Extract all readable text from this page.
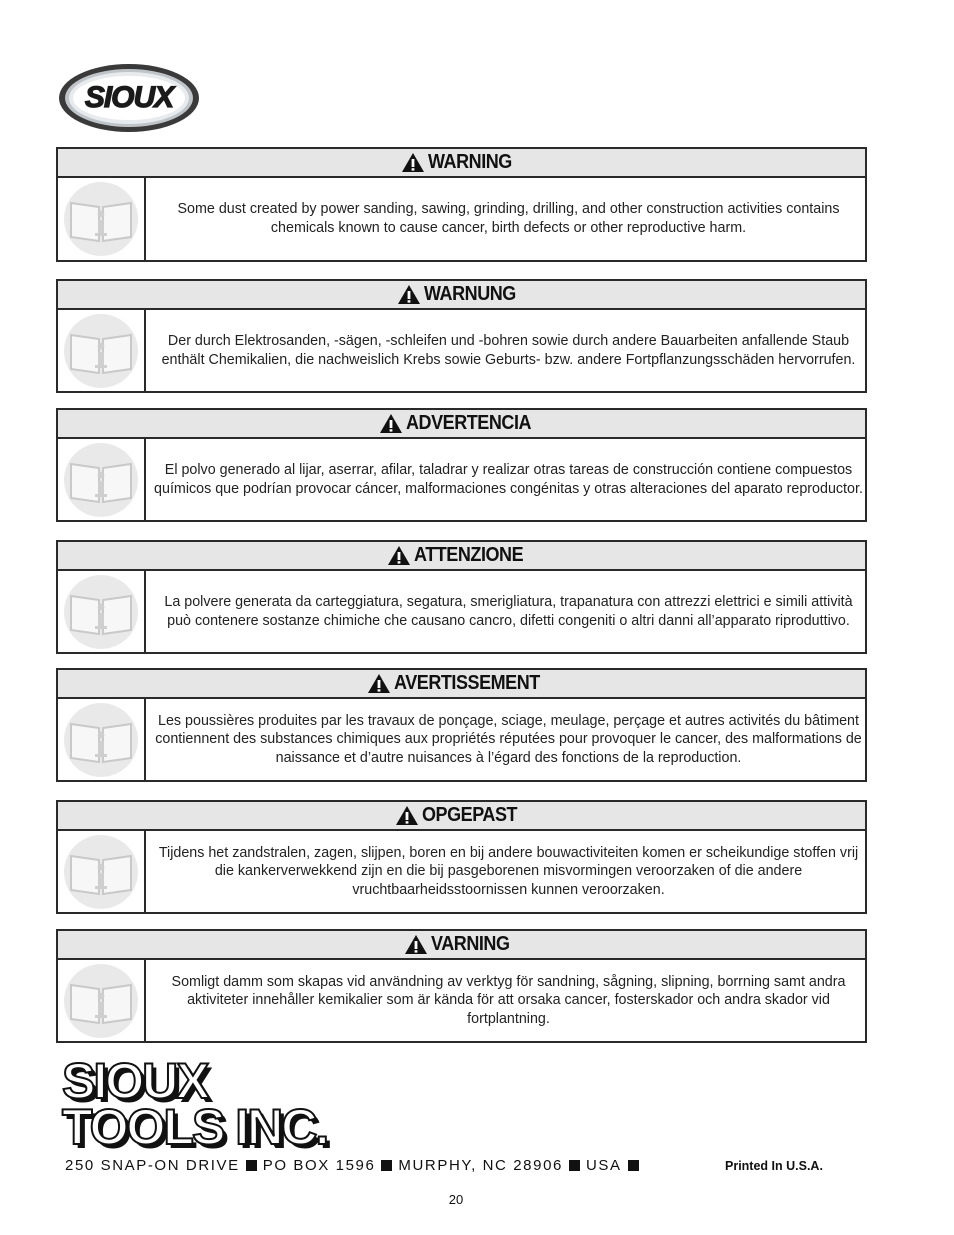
SIOUX
WARNING
Some dust created by power sanding, sawing, grinding, drilling, and other construction activities contains chemicals known to cause cancer, birth defects or other reproductive harm.
WARNUNG
Der durch Elektrosanden, -sägen, -schleifen und -bohren sowie durch andere Bauarbeiten anfallende Staub enthält Chemikalien, die nachweislich Krebs sowie Geburts- bzw. andere Fortpflanzungsschäden hervorrufen.
ADVERTENCIA
El polvo generado al lijar, aserrar, afilar, taladrar y realizar otras tareas de construcción contiene compuestos químicos que podrían provocar cáncer, malformaciones congénitas y otras alteraciones del aparato reproductor.
ATTENZIONE
La polvere generata da carteggiatura, segatura, smerigliatura, trapanatura con attrezzi elettrici e simili attività può contenere sostanze chimiche che causano cancro, difetti congeniti o altri danni all’apparato riproduttivo.
AVERTISSEMENT
Les poussières produites par les travaux de ponçage, sciage, meulage, perçage et autres activités du bâtiment contiennent des substances chimiques aux propriétés réputées pour provoquer le cancer, des malformations de naissance et d’autre nuisances à l’égard des fonctions de la reproduction.
OPGEPAST
Tijdens het zandstralen, zagen, slijpen, boren en bij andere bouwactiviteiten komen er scheikundige stoffen vrij die kankerverwekkend zijn en die bij pasgeborenen misvormingen veroorzaken of die andere vruchtbaarheidsstoornissen kunnen veroorzaken.
VARNING
Somligt damm som skapas vid användning av verktyg för sandning, sågning, slipning, borrning samt andra aktiviteter innehåller kemikalier som är kända för att orsaka cancer, fosterskador och andra skador vid fortplantning.
SIOUX
TOOLS INC.
250 SNAP-ON DRIVE PO BOX 1596 MURPHY, NC 28906 USA	Printed In U.S.A.
20
